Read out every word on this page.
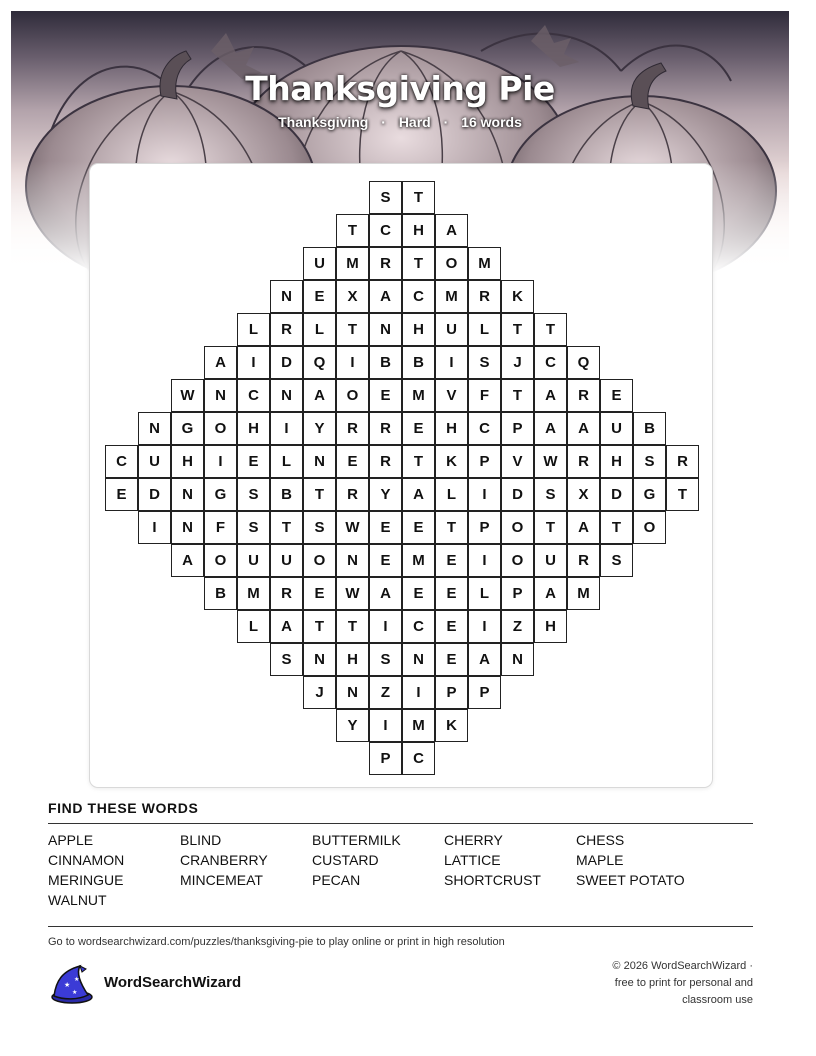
Thanksgiving Pie
Thanksgiving · Hard · 16 words
S	T
T	C	H	A
U	M	R	T	O	M
N	E	X	A	C	M	R	K
L	R	L	T	N	H	U	L	T	T
A	I	D	Q	I	B	B	I	S	J	C	Q
W	N	C	N	A	O	E	M	V	F	T	A	R	E
N	G	O	H	I	Y	R	R	E	H	C	P	A	A	U	B
C	U	H	I	E	L	N	E	R	T	K	P	V	W	R	H	S	R
E	D	N	G	S	B	T	R	Y	A	L	I	D	S	X	D	G	T
I	N	F	S	T	S	W	E	E	T	P	O	T	A	T	O
A	O	U	U	O	N	E	M	E	I	O	U	R	S
B	M	R	E	W	A	E	E	L	P	A	M
L	A	T	T	I	C	E	I	Z	H
S	N	H	S	N	E	A	N
J	N	Z	I	P	P
Y	I	M	K
P	C
FIND THESE WORDS
APPLE	BLIND	BUTTERMILK	CHERRY	CHESS
CINNAMON	CRANBERRY	CUSTARD	LATTICE	MAPLE
MERINGUE	MINCEMEAT	PECAN	SHORTCRUST	SWEET POTATO
WALNUT
Go to wordsearchwizard.com/puzzles/thanksgiving-pie to play online or print in high resolution
★
★
★
WordSearchWizard
© 2026 WordSearchWizard ·
free to print for personal and
classroom use
